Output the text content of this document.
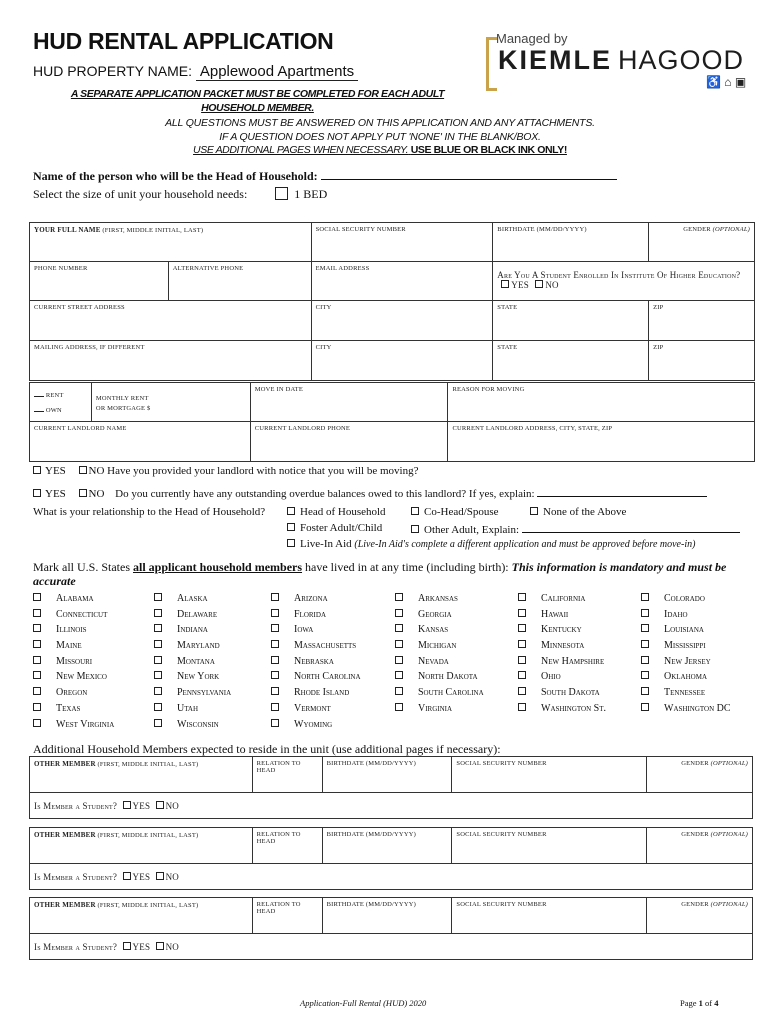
HUD RENTAL APPLICATION
HUD PROPERTY NAME: Applewood Apartments
Managed by
KIEMLE HAGOOD
♿ ⌂ ▣
A SEPARATE APPLICATION PACKET MUST BE COMPLETED FOR EACH ADULT HOUSEHOLD MEMBER.
ALL QUESTIONS MUST BE ANSWERED ON THIS APPLICATION AND ANY ATTACHMENTS.
IF A QUESTION DOES NOT APPLY PUT 'NONE' IN THE BLANK/BOX.
USE ADDITIONAL PAGES WHEN NECESSARY. USE BLUE OR BLACK INK ONLY!
Name of the person who will be the Head of Household:
Select the size of unit your household needs:	1 BED
YOUR FULL NAME (FIRST, MIDDLE INITIAL, LAST)		SOCIAL SECURITY NUMBER	BIRTHDATE (MM/DD/YYYY)	GENDER (OPTIONAL)
PHONE NUMBER	ALTERNATIVE PHONE	EMAIL ADDRESS	Are You A Student Enrolled In Institute Of Higher Education? YES NO	
CURRENT STREET ADDRESS		CITY	STATE	ZIP
MAILING ADDRESS, IF DIFFERENT		CITY	STATE	ZIP
RENT
OWN	MONTHLY RENT OR MORTGAGE $	MOVE IN DATE	REASON FOR MOVING
CURRENT LANDLORD NAME		CURRENT LANDLORD PHONE	CURRENT LANDLORD ADDRESS, CITY, STATE, ZIP
YES NO Have you provided your landlord with notice that you will be moving?
YES NO Do you currently have any outstanding overdue balances owed to this landlord? If yes, explain:
What is your relationship to the Head of Household?	Head of Household	Co-Head/Spouse	None of the Above
Foster Adult/Child	Other Adult, Explain:
Live-In Aid (Live-In Aid's complete a different application and must be approved before move-in)
Mark all U.S. States all applicant household members have lived in at any time (including birth): This information is mandatory and must be accurate
Alabama
Connecticut
Illinois
Maine
Missouri
New Mexico
Oregon
Texas
West Virginia
Alaska
Delaware
Indiana
Maryland
Montana
New York
Pennsylvania
Utah
Wisconsin
Arizona
Florida
Iowa
Massachusetts
Nebraska
North Carolina
Rhode Island
Vermont
Wyoming
Arkansas
Georgia
Kansas
Michigan
Nevada
North Dakota
South Carolina
Virginia
California
Hawaii
Kentucky
Minnesota
New Hampshire
Ohio
South Dakota
Washington St.
Colorado
Idaho
Louisiana
Mississippi
New Jersey
Oklahoma
Tennessee
Washington DC
Additional Household Members expected to reside in the unit (use additional pages if necessary):
OTHER MEMBER (FIRST, MIDDLE INITIAL, LAST)	RELATION TO HEAD	BIRTHDATE (MM/DD/YYYY)	SOCIAL SECURITY NUMBER	GENDER (OPTIONAL)
Is Member a Student? YES NO
OTHER MEMBER (FIRST, MIDDLE INITIAL, LAST)	RELATION TO HEAD	BIRTHDATE (MM/DD/YYYY)	SOCIAL SECURITY NUMBER	GENDER (OPTIONAL)
Is Member a Student? YES NO
OTHER MEMBER (FIRST, MIDDLE INITIAL, LAST)	RELATION TO HEAD	BIRTHDATE (MM/DD/YYYY)	SOCIAL SECURITY NUMBER	GENDER (OPTIONAL)
Is Member a Student? YES NO
Application-Full Rental (HUD) 2020	Page 1 of 4
